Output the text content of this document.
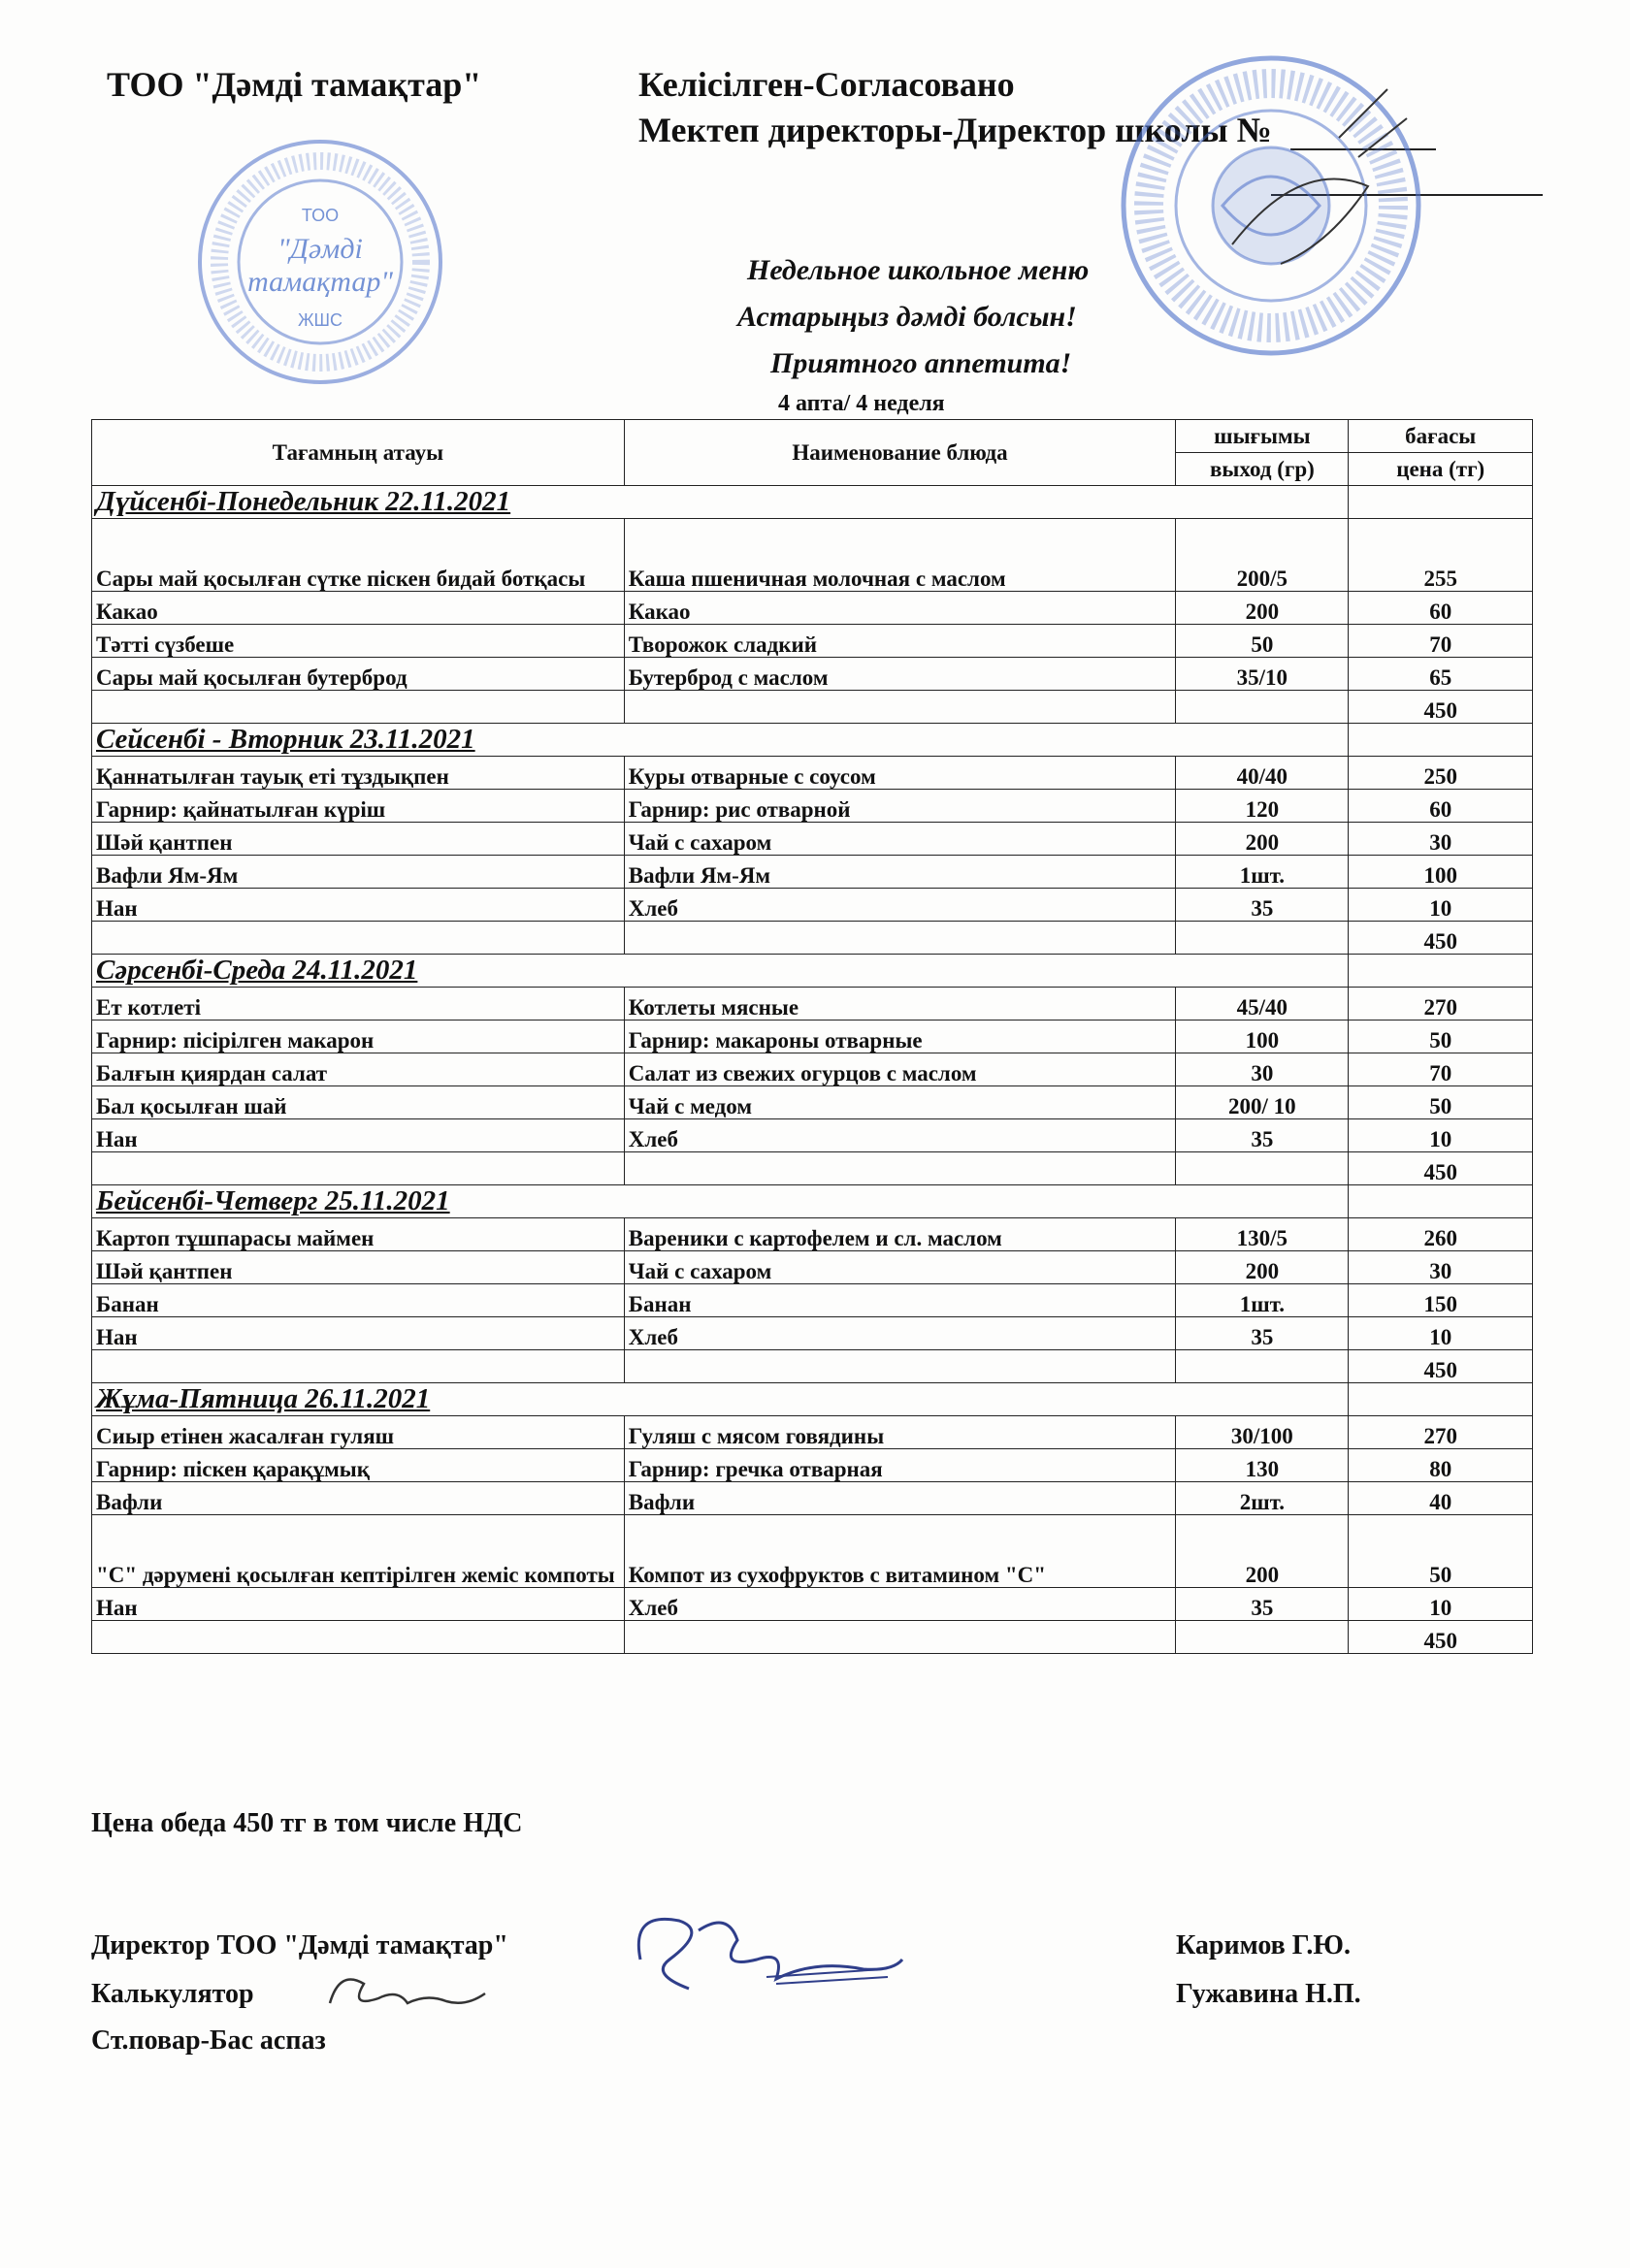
ТОО "Дәмді тамақтар"	Келісілген-Согласовано
Мектеп директоры-Директор школы №
ТОО
"Дәмді
тамақтар"
ЖШС
Недельное школьное меню
Астарыңыз дәмді болсын!
Приятного аппетита!
4 апта/ 4 неделя
Тағамның атауы	Наименование блюда	шығымы	бағасы
		выход (гр)	цена (тг)
Дүйсенбі-Понедельник 22.11.2021			
Сары май қосылған сүтке піскен бидай ботқасы	Каша пшеничная молочная с маслом	200/5	255
Какао	Какао	200	60
Тәтті сүзбеше	Творожок сладкий	50	70
Сары май қосылған бутерброд	Бутерброд с маслом	35/10	65
			450
Сейсенбі - Вторник 23.11.2021			
Қаннатылған тауық еті тұздықпен	Куры отварные с соусом	40/40	250
Гарнир: қайнатылған күріш	Гарнир: рис отварной	120	60
Шәй қантпен	Чай с сахаром	200	30
Вафли Ям-Ям	Вафли Ям-Ям	1шт.	100
Нан	Хлеб	35	10
			450
Сәрсенбі-Среда 24.11.2021			
Ет котлеті	Котлеты мясные	45/40	270
Гарнир: пісірілген макарон	Гарнир: макароны отварные	100	50
Балғын қиярдан салат	Салат из свежих огурцов с маслом	30	70
Бал қосылған шай	Чай с медом	200/ 10	50
Нан	Хлеб	35	10
			450
Бейсенбі-Четверг 25.11.2021			
Картоп тұшпарасы маймен	Вареники с картофелем и сл. маслом	130/5	260
Шәй қантпен	Чай с сахаром	200	30
Банан	Банан	1шт.	150
Нан	Хлеб	35	10
			450
Жұма-Пятница 26.11.2021			
Сиыр етінен жасалған гуляш	Гуляш с мясом говядины	30/100	270
Гарнир: піскен қарақұмық	Гарнир: гречка отварная	130	80
Вафли	Вафли	2шт.	40
"С" дәрумені қосылған кептірілген жеміс компоты	Компот из сухофруктов с витамином "С"	200	50
Нан	Хлеб	35	10
			450
Цена обеда 450 тг в том числе НДС
Директор ТОО "Дәмді тамақтар"
Калькулятор
Ст.повар-Бас аспаз
Каримов Г.Ю.
Гужавина Н.П.
